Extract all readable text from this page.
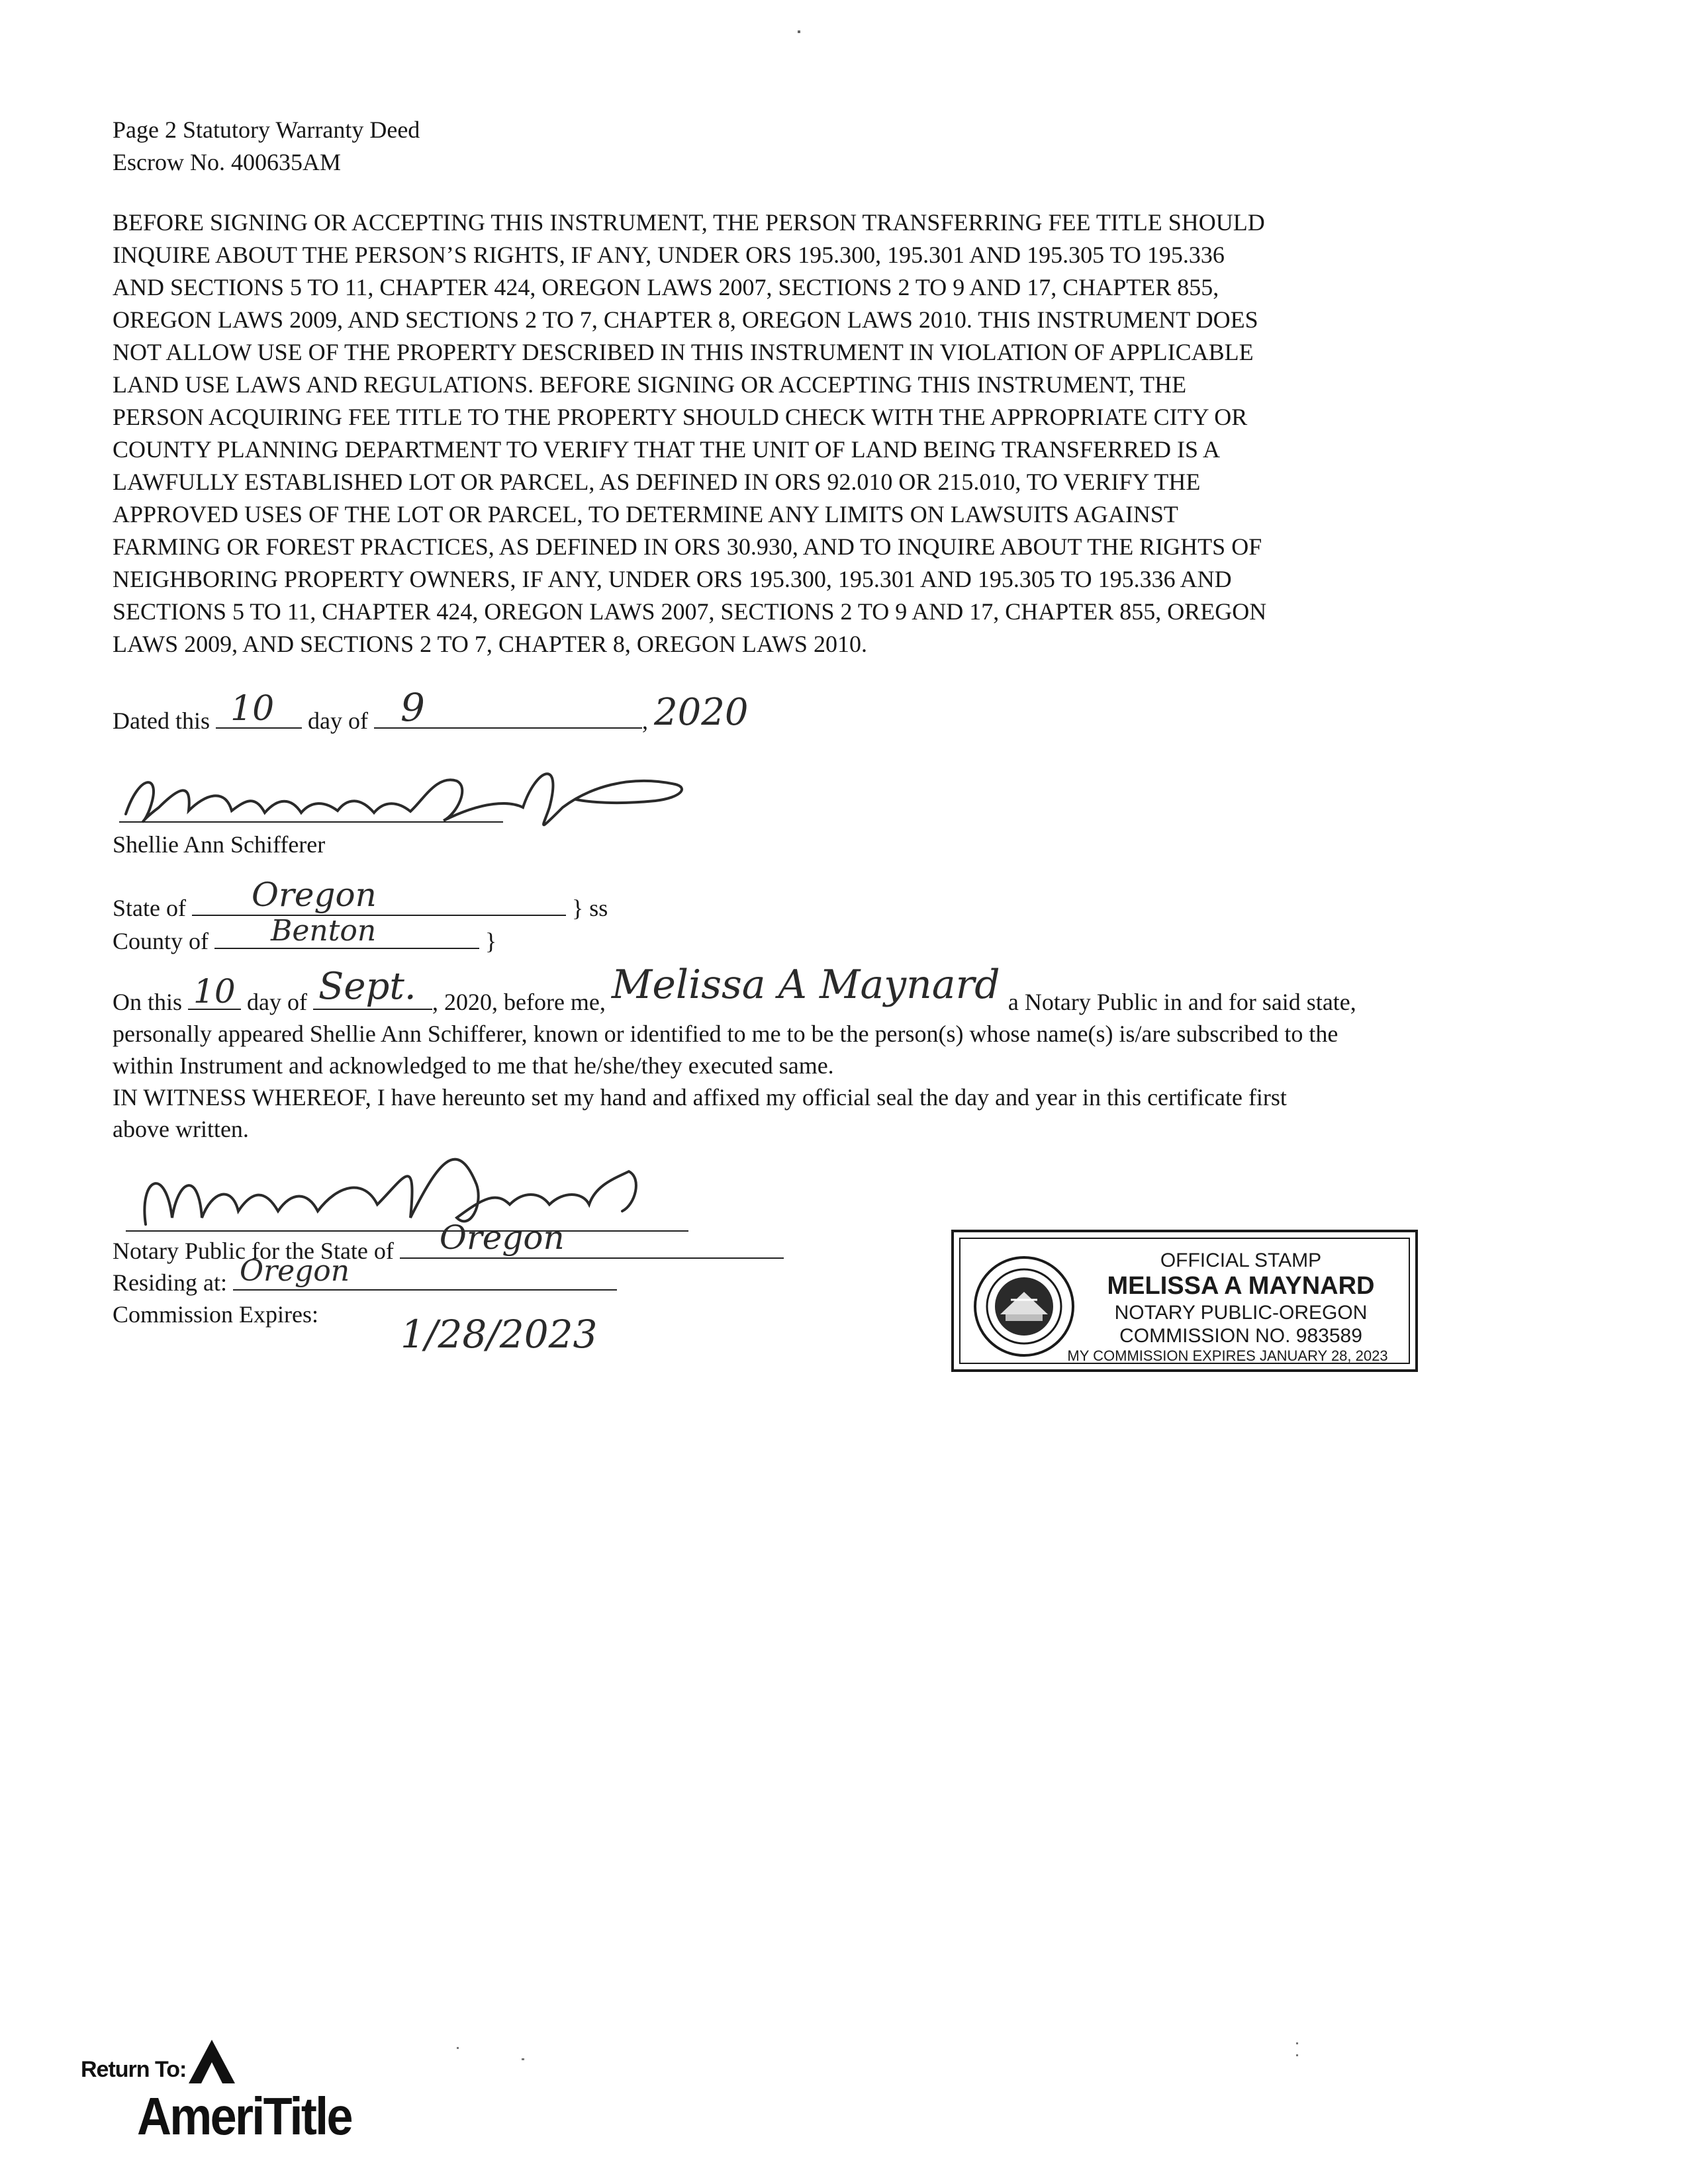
Page 2 Statutory Warranty Deed
Escrow No. 400635AM
BEFORE SIGNING OR ACCEPTING THIS INSTRUMENT, THE PERSON TRANSFERRING FEE TITLE SHOULD
INQUIRE ABOUT THE PERSON’S RIGHTS, IF ANY, UNDER ORS 195.300, 195.301 AND 195.305 TO 195.336
AND SECTIONS 5 TO 11, CHAPTER 424, OREGON LAWS 2007, SECTIONS 2 TO 9 AND 17, CHAPTER 855,
OREGON LAWS 2009, AND SECTIONS 2 TO 7, CHAPTER 8, OREGON LAWS 2010. THIS INSTRUMENT DOES
NOT ALLOW USE OF THE PROPERTY DESCRIBED IN THIS INSTRUMENT IN VIOLATION OF APPLICABLE
LAND USE LAWS AND REGULATIONS. BEFORE SIGNING OR ACCEPTING THIS INSTRUMENT, THE
PERSON ACQUIRING FEE TITLE TO THE PROPERTY SHOULD CHECK WITH THE APPROPRIATE CITY OR
COUNTY PLANNING DEPARTMENT TO VERIFY THAT THE UNIT OF LAND BEING TRANSFERRED IS A
LAWFULLY ESTABLISHED LOT OR PARCEL, AS DEFINED IN ORS 92.010 OR 215.010, TO VERIFY THE
APPROVED USES OF THE LOT OR PARCEL, TO DETERMINE ANY LIMITS ON LAWSUITS AGAINST
FARMING OR FOREST PRACTICES, AS DEFINED IN ORS 30.930, AND TO INQUIRE ABOUT THE RIGHTS OF
NEIGHBORING PROPERTY OWNERS, IF ANY, UNDER ORS 195.300, 195.301 AND 195.305 TO 195.336 AND
SECTIONS 5 TO 11, CHAPTER 424, OREGON LAWS 2007, SECTIONS 2 TO 9 AND 17, CHAPTER 855, OREGON
LAWS 2009, AND SECTIONS 2 TO 7, CHAPTER 8, OREGON LAWS 2010.
Dated this 10 day of 9	, 2020
Shellie Ann Schifferer
State of Oregon	} ss
County of Benton	}
On this 10 day of Sept. , 2020, before me, Melissa A Maynard a Notary Public in and for said state,
personally appeared Shellie Ann Schifferer, known or identified to me to be the person(s) whose name(s) is/are subscribed to the
within Instrument and acknowledged to me that he/she/they executed same.
IN WITNESS WHEREOF, I have hereunto set my hand and affixed my official seal the day and year in this certificate first
above written.
Notary Public for the State of Oregon
Residing at: Oregon
Commission Expires: 1/28/2023
OFFICIAL STAMP
MELISSA A MAYNARD
NOTARY PUBLIC-OREGON
COMMISSION NO. 983589
MY COMMISSION EXPIRES JANUARY 28, 2023
Return To:
AmeriTitle
